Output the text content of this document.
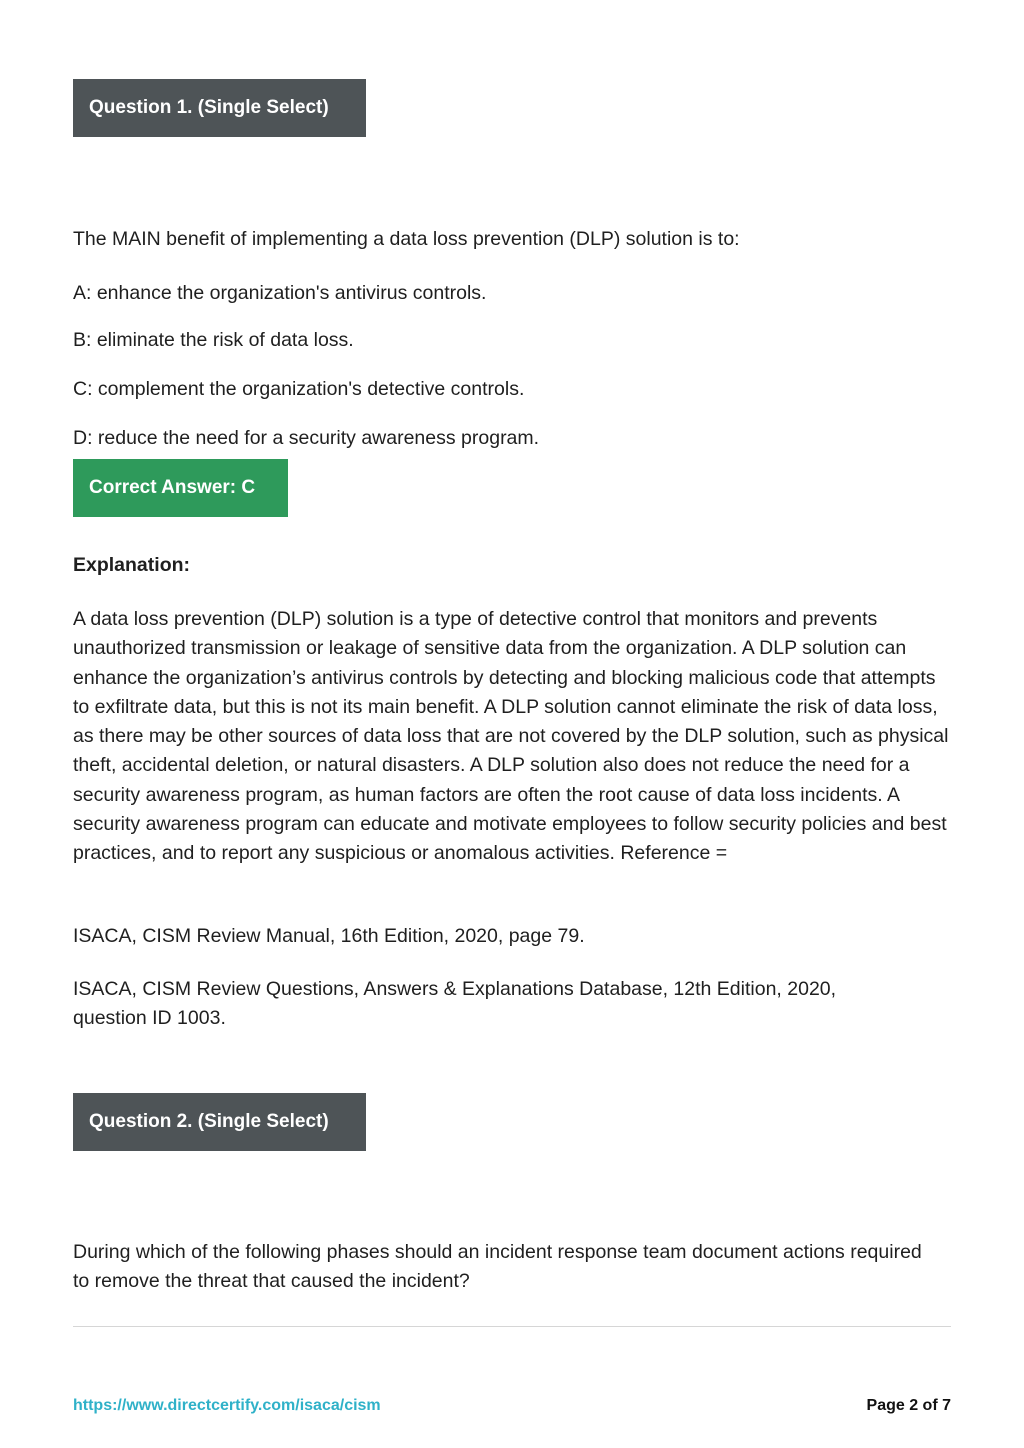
Question 1. (Single Select)
The MAIN benefit of implementing a data loss prevention (DLP) solution is to:
A: enhance the organization's antivirus controls.
B: eliminate the risk of data loss.
C: complement the organization's detective controls.
D: reduce the need for a security awareness program.
Correct Answer: C
Explanation:
A data loss prevention (DLP) solution is a type of detective control that monitors and prevents unauthorized transmission or leakage of sensitive data from the organization. A DLP solution can enhance the organization’s antivirus controls by detecting and blocking malicious code that attempts to exfiltrate data, but this is not its main benefit. A DLP solution cannot eliminate the risk of data loss, as there may be other sources of data loss that are not covered by the DLP solution, such as physical theft, accidental deletion, or natural disasters. A DLP solution also does not reduce the need for a security awareness program, as human factors are often the root cause of data loss incidents. A security awareness program can educate and motivate employees to follow security policies and best practices, and to report any suspicious or anomalous activities. Reference =
ISACA, CISM Review Manual, 16th Edition, 2020, page 79.
ISACA, CISM Review Questions, Answers & Explanations Database, 12th Edition, 2020, question ID 1003.
Question 2. (Single Select)
During which of the following phases should an incident response team document actions required to remove the threat that caused the incident?
https://www.directcertify.com/isaca/cism	Page 2 of 7
